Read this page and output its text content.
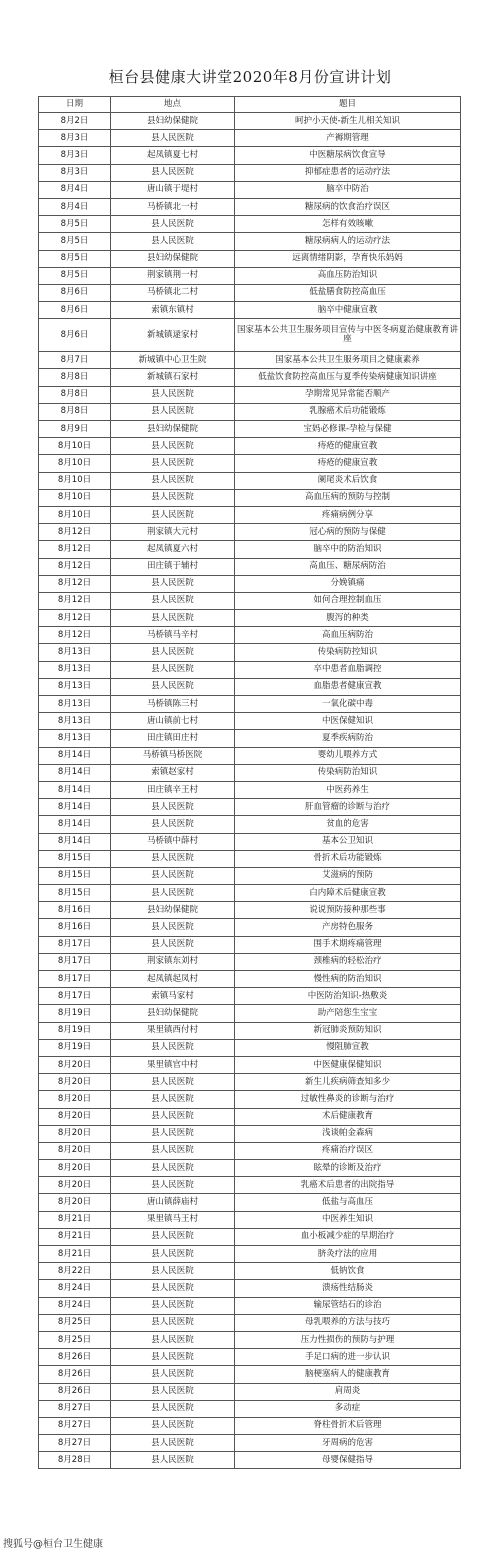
桓台县健康大讲堂2020年8月份宣讲计划
日期	地点	题目
8月2日	县妇幼保健院	呵护小天使-新生儿相关知识
8月3日	县人民医院	产褥期管理
8月3日	起凤镇夏七村	中医糖尿病饮食宣导
8月3日	县人民医院	抑郁症患者的运动疗法
8月4日	唐山镇于堤村	脑卒中防治
8月4日	马桥镇北一村	糖尿病的饮食治疗误区
8月5日	县人民医院	怎样有效咳嗽
8月5日	县人民医院	糖尿病病人的运动疗法
8月5日	县妇幼保健院	远离情绪阴影，孕育快乐妈妈
8月5日	荆家镇荆一村	高血压防治知识
8月6日	马桥镇北二村	低盐膳食防控高血压
8月6日	索镇东镇村	脑卒中健康宣教
8月6日	新城镇逯家村	国家基本公共卫生服务项目宣传与中医冬病夏治健康教育讲座
8月7日	新城镇中心卫生院	国家基本公共卫生服务项目之健康素养
8月8日	新城镇石家村	低盐饮食防控高血压与夏季传染病健康知识讲座
8月8日	县人民医院	孕期常见异常能否顺产
8月8日	县人民医院	乳腺癌术后功能锻炼
8月9日	县妇幼保健院	宝妈必修课-孕检与保健
8月10日	县人民医院	痔疮的健康宣教
8月10日	县人民医院	痔疮的健康宣教
8月10日	县人民医院	阑尾炎术后饮食
8月10日	县人民医院	高血压病的预防与控制
8月10日	县人民医院	疼痛病例分享
8月12日	荆家镇大元村	冠心病的预防与保健
8月12日	起凤镇夏六村	脑卒中的防治知识
8月12日	田庄镇于辅村	高血压、糖尿病防治
8月12日	县人民医院	分娩镇痛
8月12日	县人民医院	如何合理控制血压
8月12日	县人民医院	腹泻的种类
8月12日	马桥镇马辛村	高血压病防治
8月13日	县人民医院	传染病防控知识
8月13日	县人民医院	卒中患者血脂调控
8月13日	县人民医院	血脂患者健康宣教
8月13日	马桥镇陈三村	一氧化碳中毒
8月13日	唐山镇前七村	中医保健知识
8月13日	田庄镇田庄村	夏季疾病防治
8月14日	马桥镇马桥医院	婴幼儿喂养方式
8月14日	索镇赵家村	传染病防治知识
8月14日	田庄镇辛王村	中医药养生
8月14日	县人民医院	肝血管瘤的诊断与治疗
8月14日	县人民医院	贫血的危害
8月14日	马桥镇中薛村	基本公卫知识
8月15日	县人民医院	骨折术后功能锻炼
8月15日	县人民医院	艾滋病的预防
8月15日	县人民医院	白内障术后健康宣教
8月16日	县妇幼保健院	说说预防接种那些事
8月16日	县人民医院	产房特色服务
8月17日	县人民医院	围手术期疼痛管理
8月17日	荆家镇东刘村	颈椎病的轻松治疗
8月17日	起凤镇起凤村	慢性病的防治知识
8月17日	索镇马家村	中医防治知识-热敷炎
8月19日	县妇幼保健院	助产陪您生宝宝
8月19日	果里镇西付村	新冠肺炎预防知识
8月19日	县人民医院	慢阻肺宣教
8月20日	果里镇官中村	中医健康保健知识
8月20日	县人民医院	新生儿疾病筛查知多少
8月20日	县人民医院	过敏性鼻炎的诊断与治疗
8月20日	县人民医院	术后健康教育
8月20日	县人民医院	浅谈帕金森病
8月20日	县人民医院	疼痛治疗误区
8月20日	县人民医院	眩晕的诊断及治疗
8月20日	县人民医院	乳癌术后患者的出院指导
8月20日	唐山镇薛庙村	低盐与高血压
8月21日	果里镇马王村	中医养生知识
8月21日	县人民医院	血小板减少症的早期治疗
8月21日	县人民医院	脐灸疗法的应用
8月22日	县人民医院	低钠饮食
8月24日	县人民医院	溃疡性结肠炎
8月24日	县人民医院	输尿管结石的诊治
8月25日	县人民医院	母乳喂养的方法与技巧
8月25日	县人民医院	压力性损伤的预防与护理
8月26日	县人民医院	手足口病的进一步认识
8月26日	县人民医院	脑梗塞病人的健康教育
8月26日	县人民医院	肩周炎
8月27日	县人民医院	多动症
8月27日	县人民医院	脊柱骨折术后管理
8月27日	县人民医院	牙周病的危害
8月28日	县人民医院	母婴保健指导
搜狐号@桓台卫生健康
